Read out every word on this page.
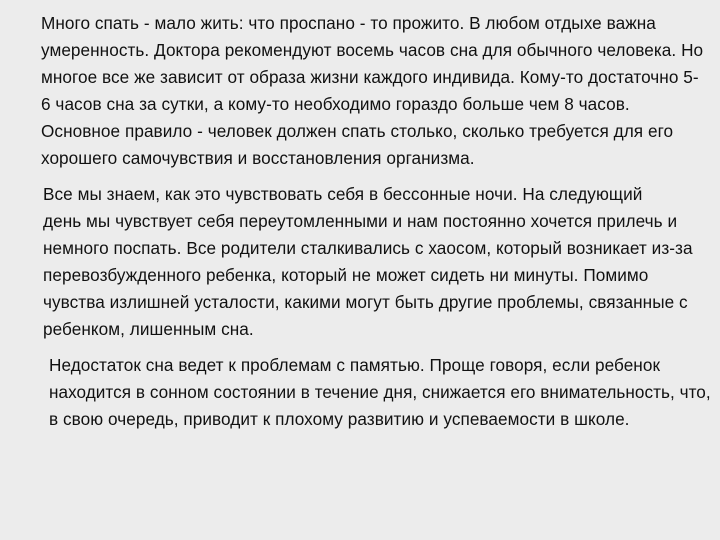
Много спать - мало жить: что проспано - то прожито. В любом отдыхе важна
умеренность. Доктора рекомендуют восемь часов сна для обычного человека. Но
многое все же зависит от образа жизни каждого индивида. Кому-то достаточно 5-
6 часов сна за сутки, а кому-то необходимо гораздо больше чем 8 часов.
Основное правило - человек должен спать столько, сколько требуется для его
хорошего самочувствия и восстановления организма.

Все мы знаем, как это чувствовать себя в бессонные ночи. На следующий
день мы чувствует себя переутомленными и нам постоянно хочется прилечь и
немного поспать. Все родители сталкивались с хаосом, который возникает из-за
перевозбужденного ребенка, который не может сидеть ни минуты. Помимо
чувства излишней усталости, какими могут быть другие проблемы, связанные с
ребенком, лишенным сна.

Недостаток сна ведет к проблемам с памятью. Проще говоря, если ребенок
находится в сонном состоянии в течение дня, снижается его внимательность, что,
в свою очередь, приводит к плохому развитию и успеваемости в школе.
